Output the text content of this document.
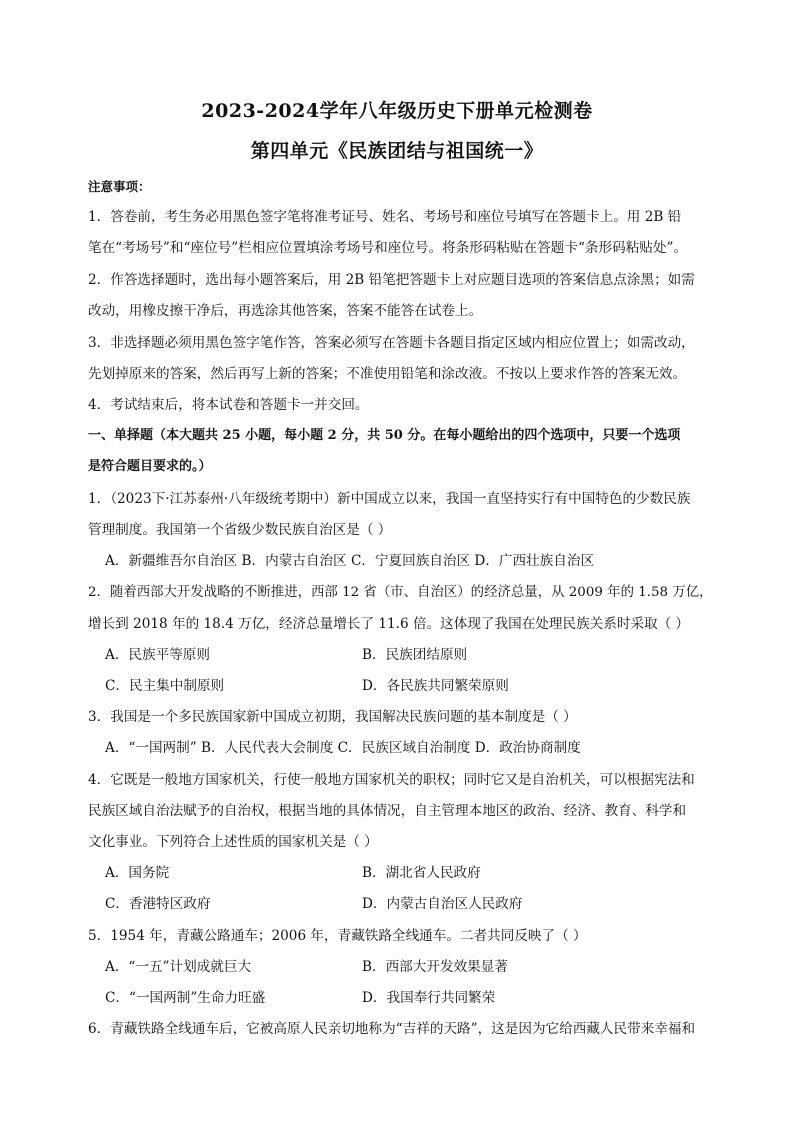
2023-2024学年八年级历史下册单元检测卷
第四单元《民族团结与祖国统一》
注意事项：
1．答卷前，考生务必用黑色签字笔将准考证号、姓名、考场号和座位号填写在答题卡上。用 2B 铅
笔在“考场号”和“座位号”栏相应位置填涂考场号和座位号。将条形码粘贴在答题卡“条形码粘贴处”。
2．作答选择题时，选出每小题答案后，用 2B 铅笔把答题卡上对应题目选项的答案信息点涂黑；如需
改动，用橡皮擦干净后，再选涂其他答案，答案不能答在试卷上。
3．非选择题必须用黑色签字笔作答，答案必须写在答题卡各题目指定区域内相应位置上；如需改动，
先划掉原来的答案，然后再写上新的答案；不准使用铅笔和涂改液。不按以上要求作答的答案无效。
4．考试结束后，将本试卷和答题卡一并交回。
一、单择题（本大题共 25 小题，每小题 2 分，共 50 分。在每小题给出的四个选项中，只要一个选项
是符合题目要求的。）
1．（2023下·江苏泰州·八年级统考期中）新中国成立以来，我国一直坚持实行有中国特色的少数民族
管理制度。我国第一个省级少数民族自治区是（ ）
A．新疆维吾尔自治区 B．内蒙古自治区 C．宁夏回族自治区 D．广西壮族自治区
2．随着西部大开发战略的不断推进，西部 12 省（市、自治区）的经济总量，从 2009 年的 1.58 万亿，
增长到 2018 年的 18.4 万亿，经济总量增长了 11.6 倍。这体现了我国在处理民族关系时采取（ ）
A．民族平等原则	B．民族团结原则
C．民主集中制原则	D．各民族共同繁荣原则
3．我国是一个多民族国家新中国成立初期，我国解决民族问题的基本制度是（ ）
A．“一国两制” B．人民代表大会制度 C．民族区域自治制度 D．政治协商制度
4．它既是一般地方国家机关，行使一般地方国家机关的职权；同时它又是自治机关，可以根据宪法和
民族区域自治法赋予的自治权，根据当地的具体情况，自主管理本地区的政治、经济、教育、科学和
文化事业。下列符合上述性质的国家机关是（ ）
A．国务院	B．湖北省人民政府
C．香港特区政府	D．内蒙古自治区人民政府
5．1954 年，青藏公路通车；2006 年，青藏铁路全线通车。二者共同反映了（ ）
A．“一五”计划成就巨大	B．西部大开发效果显著
C．“一国两制”生命力旺盛	D．我国奉行共同繁荣
6．青藏铁路全线通车后，它被高原人民亲切地称为“吉祥的天路”，这是因为它给西藏人民带来幸福和
